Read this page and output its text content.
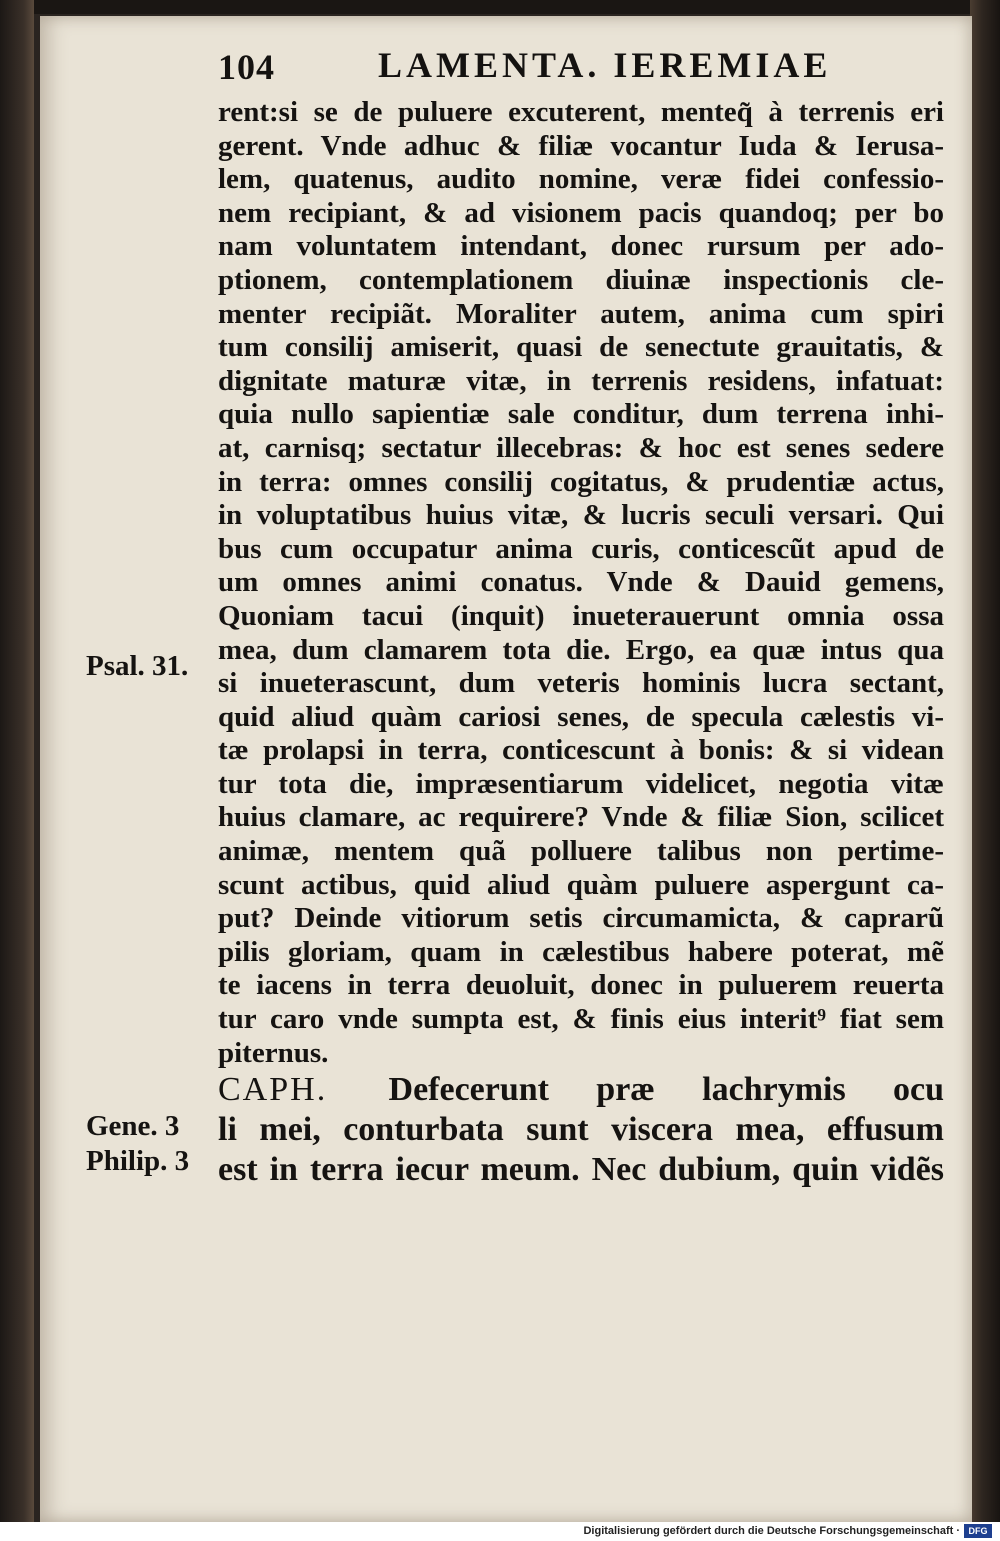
104	LAMENTA. IEREMIAE
rent:si se de puluere excuterent, menteq̃ à terrenis eri
gerent. Vnde adhuc & filiæ vocantur Iuda & Ierusa-
lem, quatenus, audito nomine, veræ fidei confessio-
nem recipiant, & ad visionem pacis quandoq; per bo
nam voluntatem intendant, donec rursum per ado-
ptionem, contemplationem diuinæ inspectionis cle-
menter recipiãt. Moraliter autem, anima cum spiri
tum consilij amiserit, quasi de senectute grauitatis, &
dignitate maturæ vitæ, in terrenis residens, infatuat:
quia nullo sapientiæ sale conditur, dum terrena inhi-
at, carnisq; sectatur illecebras: & hoc est senes sedere
in terra: omnes consilij cogitatus, & prudentiæ actus,
in voluptatibus huius vitæ, & lucris seculi versari. Qui
bus cum occupatur anima curis, conticescũt apud de
um omnes animi conatus. Vnde & Dauid gemens,
Quoniam tacui (inquit) inueterauerunt omnia ossa
mea, dum clamarem tota die. Ergo, ea quæ intus qua
si inueterascunt, dum veteris hominis lucra sectant,
quid aliud quàm cariosi senes, de specula cælestis vi-
tæ prolapsi in terra, conticescunt à bonis: & si videan
tur tota die, impræsentiarum videlicet, negotia vitæ
huius clamare, ac requirere? Vnde & filiæ Sion, scilicet
animæ, mentem quã polluere talibus non pertime-
scunt actibus, quid aliud quàm puluere aspergunt ca-
put? Deinde vitiorum setis circumamicta, & caprarũ
pilis gloriam, quam in cælestibus habere poterat, mẽ
te iacens in terra deuoluit, donec in puluerem reuerta
tur caro vnde sumpta est, & finis eius interit⁹ fiat sem
piternus.
CAPH. Defecerunt præ lachrymis ocu
li mei, conturbata sunt viscera mea, effusum
est in terra iecur meum. Nec dubium, quin vidẽs
Psal. 31.
Gene. 3
Philip. 3
Digitalisierung gefördert durch die Deutsche Forschungsgemeinschaft · DFG
